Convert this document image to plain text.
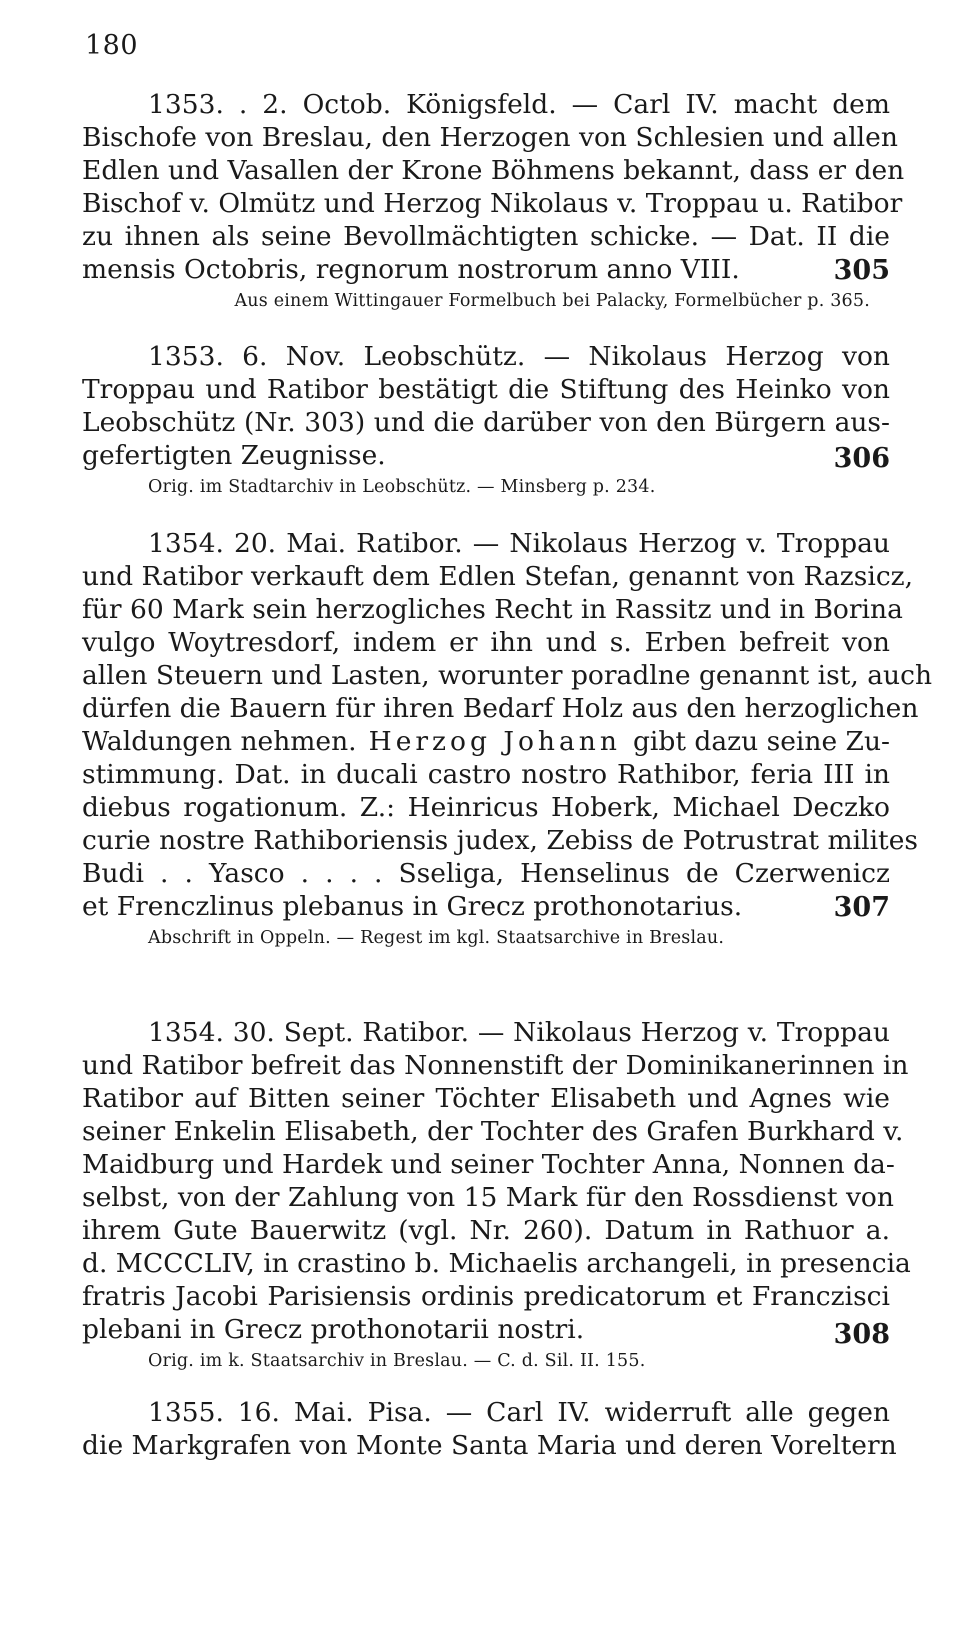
180
1353. . 2. Octob. Königsfeld. — Carl IV. macht dem
Bischofe von Breslau, den Herzogen von Schlesien und allen
Edlen und Vasallen der Krone Böhmens bekannt, dass er den
Bischof v. Olmütz und Herzog Nikolaus v. Troppau u. Ratibor
zu ihnen als seine Bevollmächtigten schicke. — Dat. II die
mensis Octobris, regnorum nostrorum anno VIII.	305
Aus einem Wittingauer Formelbuch bei Palacky, Formelbücher p. 365.
1353. 6. Nov. Leobschütz. — Nikolaus Herzog von
Troppau und Ratibor bestätigt die Stiftung des Heinko von
Leobschütz (Nr. 303) und die darüber von den Bürgern aus-
gefertigten Zeugnisse.	306
Orig. im Stadtarchiv in Leobschütz. — Minsberg p. 234.
1354. 20. Mai. Ratibor. — Nikolaus Herzog v. Troppau
und Ratibor verkauft dem Edlen Stefan, genannt von Razsicz,
für 60 Mark sein herzogliches Recht in Rassitz und in Borina
vulgo Woytresdorf, indem er ihn und s. Erben befreit von
allen Steuern und Lasten, worunter poradlne genannt ist, auch
dürfen die Bauern für ihren Bedarf Holz aus den herzoglichen
Waldungen nehmen. Herzog Johann gibt dazu seine Zu-
stimmung. Dat. in ducali castro nostro Rathibor, feria III in
diebus rogationum. Z.: Heinricus Hoberk, Michael Deczko
curie nostre Rathiboriensis judex, Zebiss de Potrustrat milites
Budi . . Yasco . . . . Sseliga, Henselinus de Czerwenicz
et Frenczlinus plebanus in Grecz prothonotarius.	307
Abschrift in Oppeln. — Regest im kgl. Staatsarchive in Breslau.
1354. 30. Sept. Ratibor. — Nikolaus Herzog v. Troppau
und Ratibor befreit das Nonnenstift der Dominikanerinnen in
Ratibor auf Bitten seiner Töchter Elisabeth und Agnes wie
seiner Enkelin Elisabeth, der Tochter des Grafen Burkhard v.
Maidburg und Hardek und seiner Tochter Anna, Nonnen da-
selbst, von der Zahlung von 15 Mark für den Rossdienst von
ihrem Gute Bauerwitz (vgl. Nr. 260). Datum in Rathuor a.
d. MCCCLIV, in crastino b. Michaelis archangeli, in presencia
fratris Jacobi Parisiensis ordinis predicatorum et Franczisci
plebani in Grecz prothonotarii nostri.	308
Orig. im k. Staatsarchiv in Breslau. — C. d. Sil. II. 155.
1355. 16. Mai. Pisa. — Carl IV. widerruft alle gegen
die Markgrafen von Monte Santa Maria und deren Voreltern
